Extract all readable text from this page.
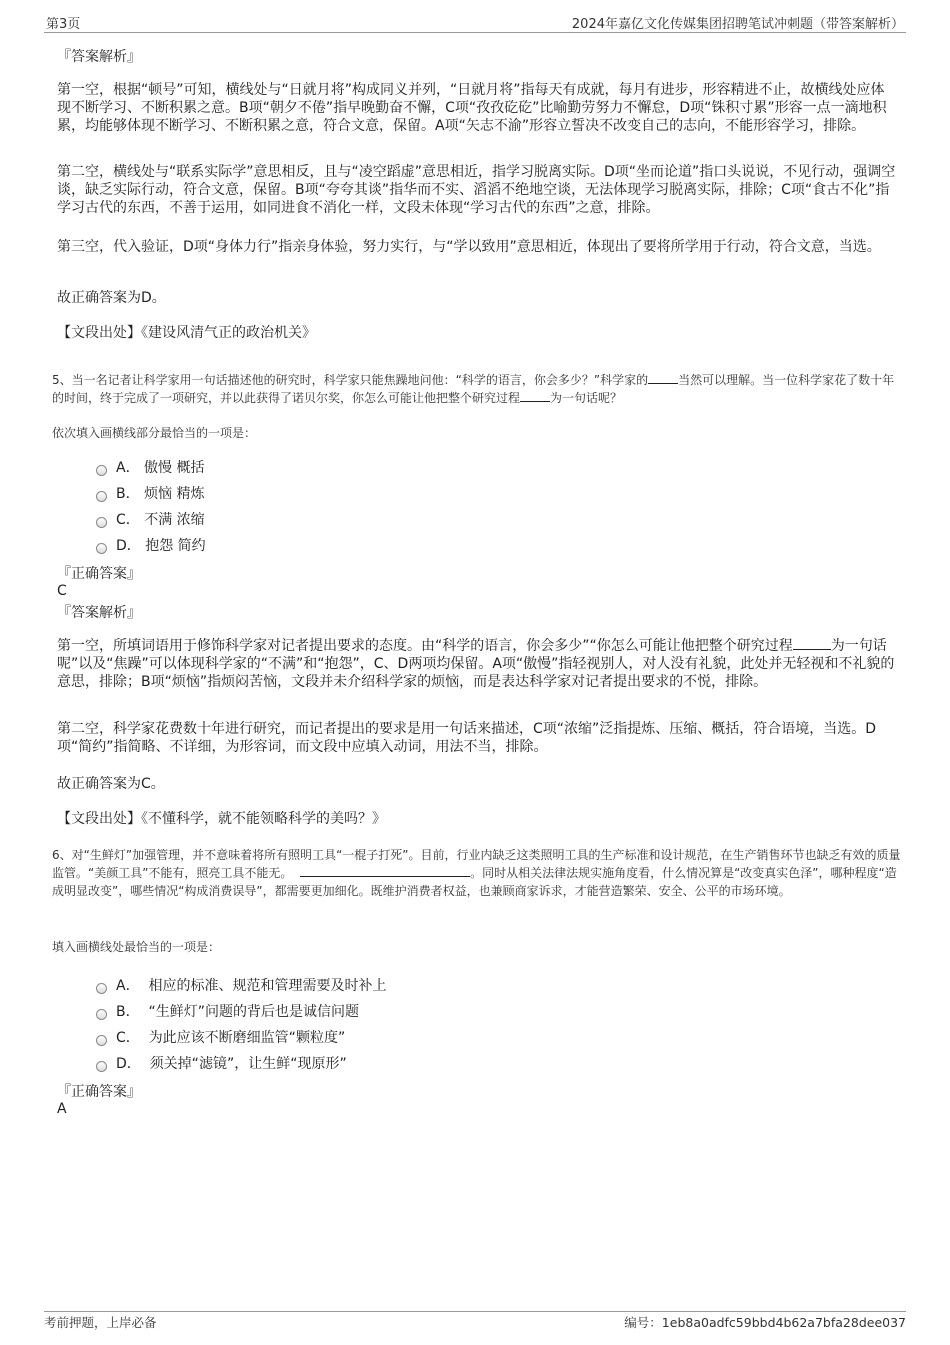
第3页	2024年嘉亿文化传媒集团招聘笔试冲刺题（带答案解析）
『答案解析』
第一空，根据“顿号”可知，横线处与“日就月将”构成同义并列，“日就月将”指每天有成就，每月有进步，形容精进不止，故横线处应体现不断学习、不断积累之意。B项“朝夕不倦”指早晚勤奋不懈，C项“孜孜矻矻”比喻勤劳努力不懈怠，D项“铢积寸累”形容一点一滴地积累，均能够体现不断学习、不断积累之意，符合文意，保留。A项“矢志不渝”形容立誓决不改变自己的志向，不能形容学习，排除。
第二空，横线处与“联系实际学”意思相反，且与“凌空蹈虚”意思相近，指学习脱离实际。D项“坐而论道”指口头说说，不见行动，强调空谈，缺乏实际行动，符合文意，保留。B项“夸夸其谈”指华而不实、滔滔不绝地空谈，无法体现学习脱离实际，排除；C项“食古不化”指学习古代的东西，不善于运用，如同进食不消化一样，文段未体现“学习古代的东西”之意，排除。
第三空，代入验证，D项“身体力行”指亲身体验，努力实行，与“学以致用”意思相近，体现出了要将所学用于行动，符合文意，当选。
故正确答案为D。
【文段出处】《建设风清气正的政治机关》
5、当一名记者让科学家用一句话描述他的研究时，科学家只能焦躁地问他：“科学的语言，你会多少？”科学家的	当然可以理解。当一位科学家花了数十年的时间，终于完成了一项研究，并以此获得了诺贝尔奖，你怎么可能让他把整个研究过程	为一句话呢？
依次填入画横线部分最恰当的一项是：
A．
傲慢 概括
B．
烦恼 精炼
C．
不满 浓缩
D．
抱怨 简约
『正确答案』
C
『答案解析』
第一空，所填词语用于修饰科学家对记者提出要求的态度。由“科学的语言，你会多少”“你怎么可能让他把整个研究过程	为一句话呢”以及“焦躁”可以体现科学家的“不满”和“抱怨”，C、D两项均保留。A项“傲慢”指轻视别人，对人没有礼貌，此处并无轻视和不礼貌的意思，排除；B项“烦恼”指烦闷苦恼，文段并未介绍科学家的烦恼，而是表达科学家对记者提出要求的不悦，排除。
第二空，科学家花费数十年进行研究，而记者提出的要求是用一句话来描述，C项“浓缩”泛指提炼、压缩、概括，符合语境，当选。D项“简约”指简略、不详细，为形容词，而文段中应填入动词，用法不当，排除。
故正确答案为C。
【文段出处】《不懂科学，就不能领略科学的美吗？》
6、对“生鲜灯”加强管理，并不意味着将所有照明工具“一棍子打死”。目前，行业内缺乏这类照明工具的生产标准和设计规范，在生产销售环节也缺乏有效的质量监管。“美颜工具”不能有，照亮工具不能无。	。同时从相关法律法规实施角度看，什么情况算是“改变真实色泽”，哪种程度“造成明显改变”，哪些情况“构成消费误导”，都需要更加细化。既维护消费者权益，也兼顾商家诉求，才能营造繁荣、安全、公平的市场环境。
填入画横线处最恰当的一项是：
A．
相应的标准、规范和管理需要及时补上
B．
“生鲜灯”问题的背后也是诚信问题
C．
为此应该不断磨细监管“颗粒度”
D．
须关掉“滤镜”，让生鲜“现原形”
『正确答案』
A
考前押题，上岸必备	编号：1eb8a0adfc59bbd4b62a7bfa28dee037
